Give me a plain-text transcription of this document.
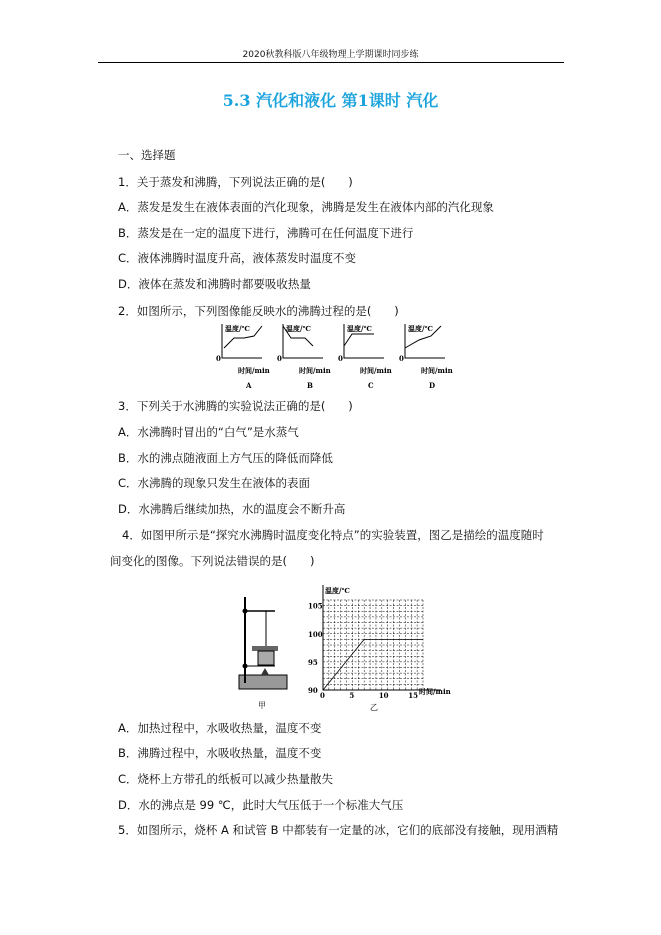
2020秋教科版八年级物理上学期课时同步练
5.3 汽化和液化 第1课时 汽化
一、选择题
1．关于蒸发和沸腾，下列说法正确的是(　　)
A．蒸发是发生在液体表面的汽化现象，沸腾是发生在液体内部的汽化现象
B．蒸发是在一定的温度下进行，沸腾可在任何温度下进行
C．液体沸腾时温度升高，液体蒸发时温度不变
D．液体在蒸发和沸腾时都要吸收热量
2．如图所示，下列图像能反映水的沸腾过程的是(　　)
温度/℃
0
时间/min
A
温度/℃
0
时间/min
B
温度/℃
0
时间/min
C
温度/℃
0
时间/min
D
3．下列关于水沸腾的实验说法正确的是(　　)
A．水沸腾时冒出的“白气”是水蒸气
B．水的沸点随液面上方气压的降低而降低
C．水沸腾的现象只发生在液体的表面
D．水沸腾后继续加热，水的温度会不断升高
4．如图甲所示是“探究水沸腾时温度变化特点”的实验装置，图乙是描绘的温度随时
间变化的图像。下列说法错误的是(　　)
甲
温度/℃
时间/min
90
95
100
105
0	5	10	15
乙
A．加热过程中，水吸收热量，温度不变
B．沸腾过程中，水吸收热量，温度不变
C．烧杯上方带孔的纸板可以减少热量散失
D．水的沸点是 99 ℃，此时大气压低于一个标准大气压
5．如图所示，烧杯 A 和试管 B 中都装有一定量的冰，它们的底部没有接触，现用酒精
